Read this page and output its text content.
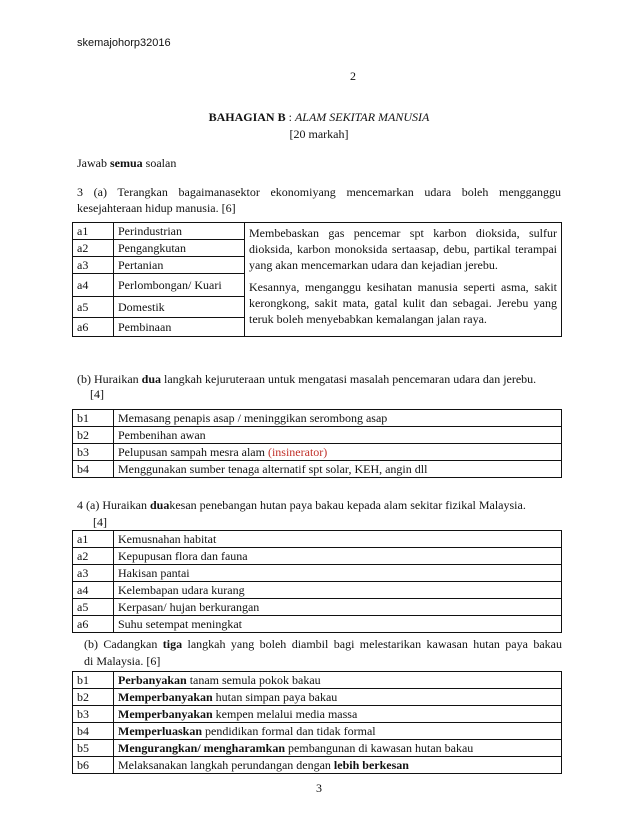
skemajohorp32016
2
BAHAGIAN B : ALAM SEKITAR MANUSIA
[20 markah]
Jawab semua soalan
3 (a) Terangkan bagaimanasektor ekonomiyang mencemarkan udara boleh mengganggu
kesejahteraan hidup manusia. [6]
a1	Perindustrian	Membebaskan gas pencemar spt karbon dioksida, sulfur dioksida, karbon monoksida sertaasap, debu, partikal terampai yang akan mencemarkan udara dan kejadian jerebu.
Kesannya, menganggu kesihatan manusia seperti asma, sakit kerongkong, sakit mata, gatal kulit dan sebagai. Jerebu yang teruk boleh menyebabkan kemalangan jalan raya.

a2	Pengangkutan	
a3	Pertanian	
a4	Perlombongan/ Kuari	
a5	Domestik	
a6	Pembinaan	
(b) Huraikan dua langkah kejuruteraan untuk mengatasi masalah pencemaran udara dan jerebu.
[4]
b1	Memasang penapis asap / meninggikan serombong asap
b2	Pembenihan awan
b3	Pelupusan sampah mesra alam (insinerator)
b4	Menggunakan sumber tenaga alternatif spt solar, KEH, angin dll
4 (a) Huraikan duakesan penebangan hutan paya bakau kepada alam sekitar fizikal Malaysia.
[4]
a1	Kemusnahan habitat
a2	Kepupusan flora dan fauna
a3	Hakisan pantai
a4	Kelembapan udara kurang
a5	Kerpasan/ hujan berkurangan
a6	Suhu setempat meningkat
(b) Cadangkan tiga langkah yang boleh diambil bagi melestarikan kawasan hutan paya bakau
di Malaysia. [6]
b1	Perbanyakan tanam semula pokok bakau
b2	Memperbanyakan hutan simpan paya bakau
b3	Memperbanyakan kempen melalui media massa
b4	Memperluaskan pendidikan formal dan tidak formal
b5	Mengurangkan/ mengharamkan pembangunan di kawasan hutan bakau
b6	Melaksanakan langkah perundangan dengan lebih berkesan
3
